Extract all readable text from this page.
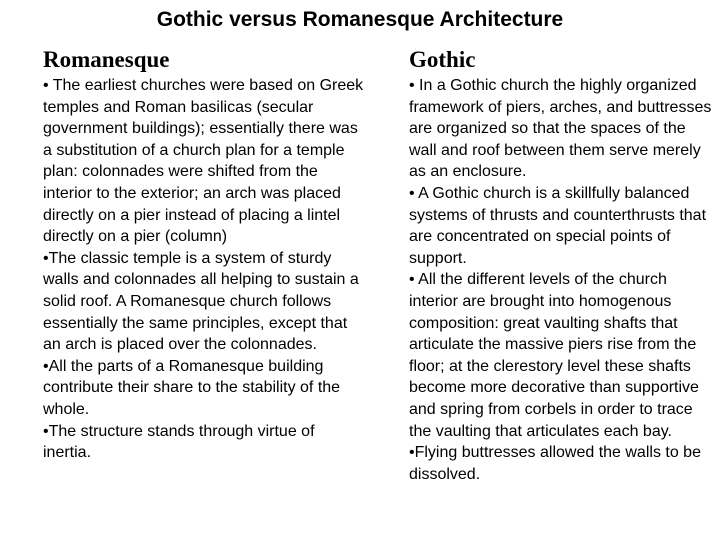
Gothic versus Romanesque Architecture
Romanesque
• The earliest churches were based on Greek temples and Roman basilicas (secular government buildings); essentially there was a substitution of a church plan for a temple plan: colonnades were shifted from the interior to the exterior; an arch was placed directly on a pier instead of placing a lintel directly on a pier (column)
•The classic temple is a system of sturdy walls and colonnades all helping to sustain a solid roof. A Romanesque church follows essentially the same principles, except that an arch is placed over the colonnades.
•All the parts of a Romanesque building contribute their share to the stability of the whole.
•The structure stands through virtue of inertia.
Gothic
• In a Gothic church the highly organized framework of piers, arches, and buttresses are organized so that the spaces of the wall and roof between them serve merely as an enclosure.
• A Gothic church is a skillfully balanced systems of thrusts and counterthrusts that are concentrated on special points of support.
• All the different levels of the church interior are brought into homogenous composition: great vaulting shafts that articulate the massive piers rise from the floor; at the clerestory level these shafts become more decorative than supportive and spring from corbels in order to trace the vaulting that articulates each bay.
•Flying buttresses allowed the walls to be dissolved.
